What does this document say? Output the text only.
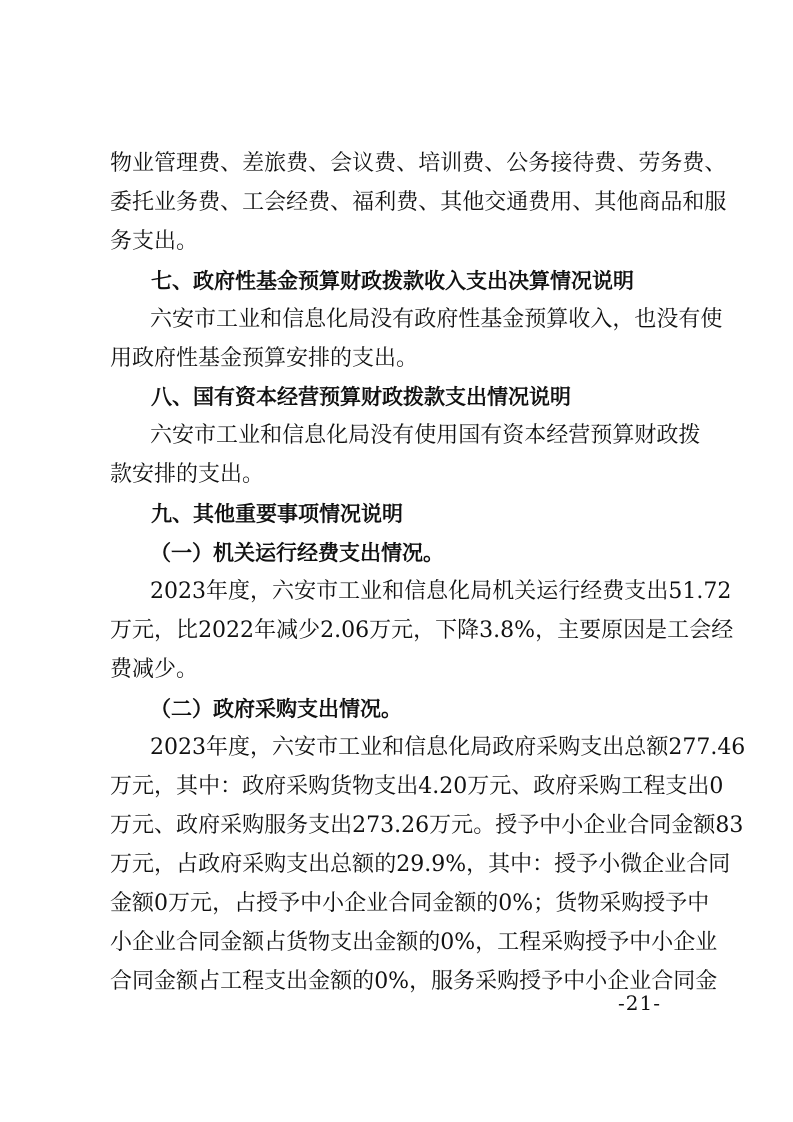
物 业 管 理 费 、 差 旅 费 、 会 议 费 、 培 训 费 、 公 务 接 待 费 、 劳 务 费 、
委 托 业 务 费 、 工 会 经 费 、 福 利 费 、 其 他 交 通 费 用 、 其 他 商 品 和 服
务支出。
七、政府性基金预算财政拨款收入支出决算情况说明
六 安 市 工 业 和 信 息 化 局 没 有 政 府 性 基 金 预 算 收 入 ， 也 没 有 使
用政府性基金预算安排的支出。
八、国有资本经营预算财政拨款支出情况说明
六 安 市 工 业 和 信 息 化 局 没 有 使 用 国 有 资 本 经 营 预 算 财 政 拨
款安排的支出。
九、其他重要事项情况说明
（一）机关运行经费支出情况。
2023 年 度 ， 六 安 市 工 业 和 信 息 化 局 机 关 运 行 经 费 支 出 51.72
万 元 ， 比 2022 年 减 少 2.06 万 元 ， 下 降 3.8% ， 主 要 原 因 是 工 会 经
费减少。
（二）政府采购支出情况。
2023 年 度 ， 六 安 市 工 业 和 信 息 化 局 政 府 采 购 支 出 总 额 277.46
万 元 ， 其 中 ： 政 府 采 购 货 物 支 出 4.20 万 元 、 政 府 采 购 工 程 支 出 0
万 元 、 政 府 采 购 服 务 支 出 273.26 万 元 。 授 予 中 小 企 业 合 同 金 额 83
万 元 ， 占 政 府 采 购 支 出 总 额 的 29.9% ， 其 中 ： 授 予 小 微 企 业 合 同
金 额 0 万 元 ， 占 授 予 中 小 企 业 合 同 金 额 的 0% ； 货 物 采 购 授 予 中
小 企 业 合 同 金 额 占 货 物 支 出 金 额 的 0% ， 工 程 采 购 授 予 中 小 企 业
合 同 金 额 占 工 程 支 出 金 额 的 0% ， 服 务 采 购 授 予 中 小 企 业 合 同 金
-21-
